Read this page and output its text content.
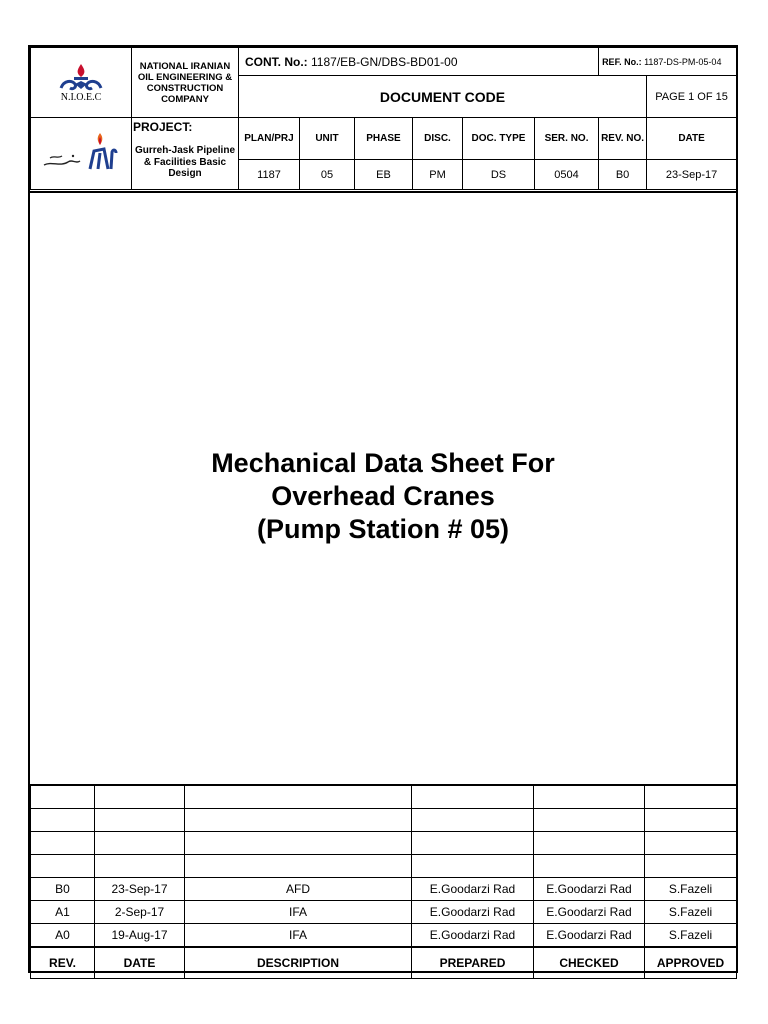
N.I.O.E.C	NATIONAL IRANIAN
OIL ENGINEERING &
CONSTRUCTION
COMPANY	CONT. No.: 1187/EB-GN/DBS-BD01-00						REF. No.: 1187-DS-PM-05-04	
		DOCUMENT CODE							PAGE 1 OF 15

PROJECT:
Gurreh-Jask Pipeline
& Facilities Basic
Design	PLAN/PRJ	UNIT	PHASE	DISC.	DOC. TYPE	SER. NO.	REV. NO.	DATE
		1187	05	EB	PM	DS	0504	B0	23-Sep-17
Mechanical Data Sheet For
Overhead Cranes
(Pump Station # 05)

B0	23-Sep-17	AFD	E.Goodarzi Rad	E.Goodarzi Rad	S.Fazeli
A1	2-Sep-17	IFA	E.Goodarzi Rad	E.Goodarzi Rad	S.Fazeli
A0	19-Aug-17	IFA	E.Goodarzi Rad	E.Goodarzi Rad	S.Fazeli
REV.	DATE	DESCRIPTION	PREPARED	CHECKED	APPROVED
